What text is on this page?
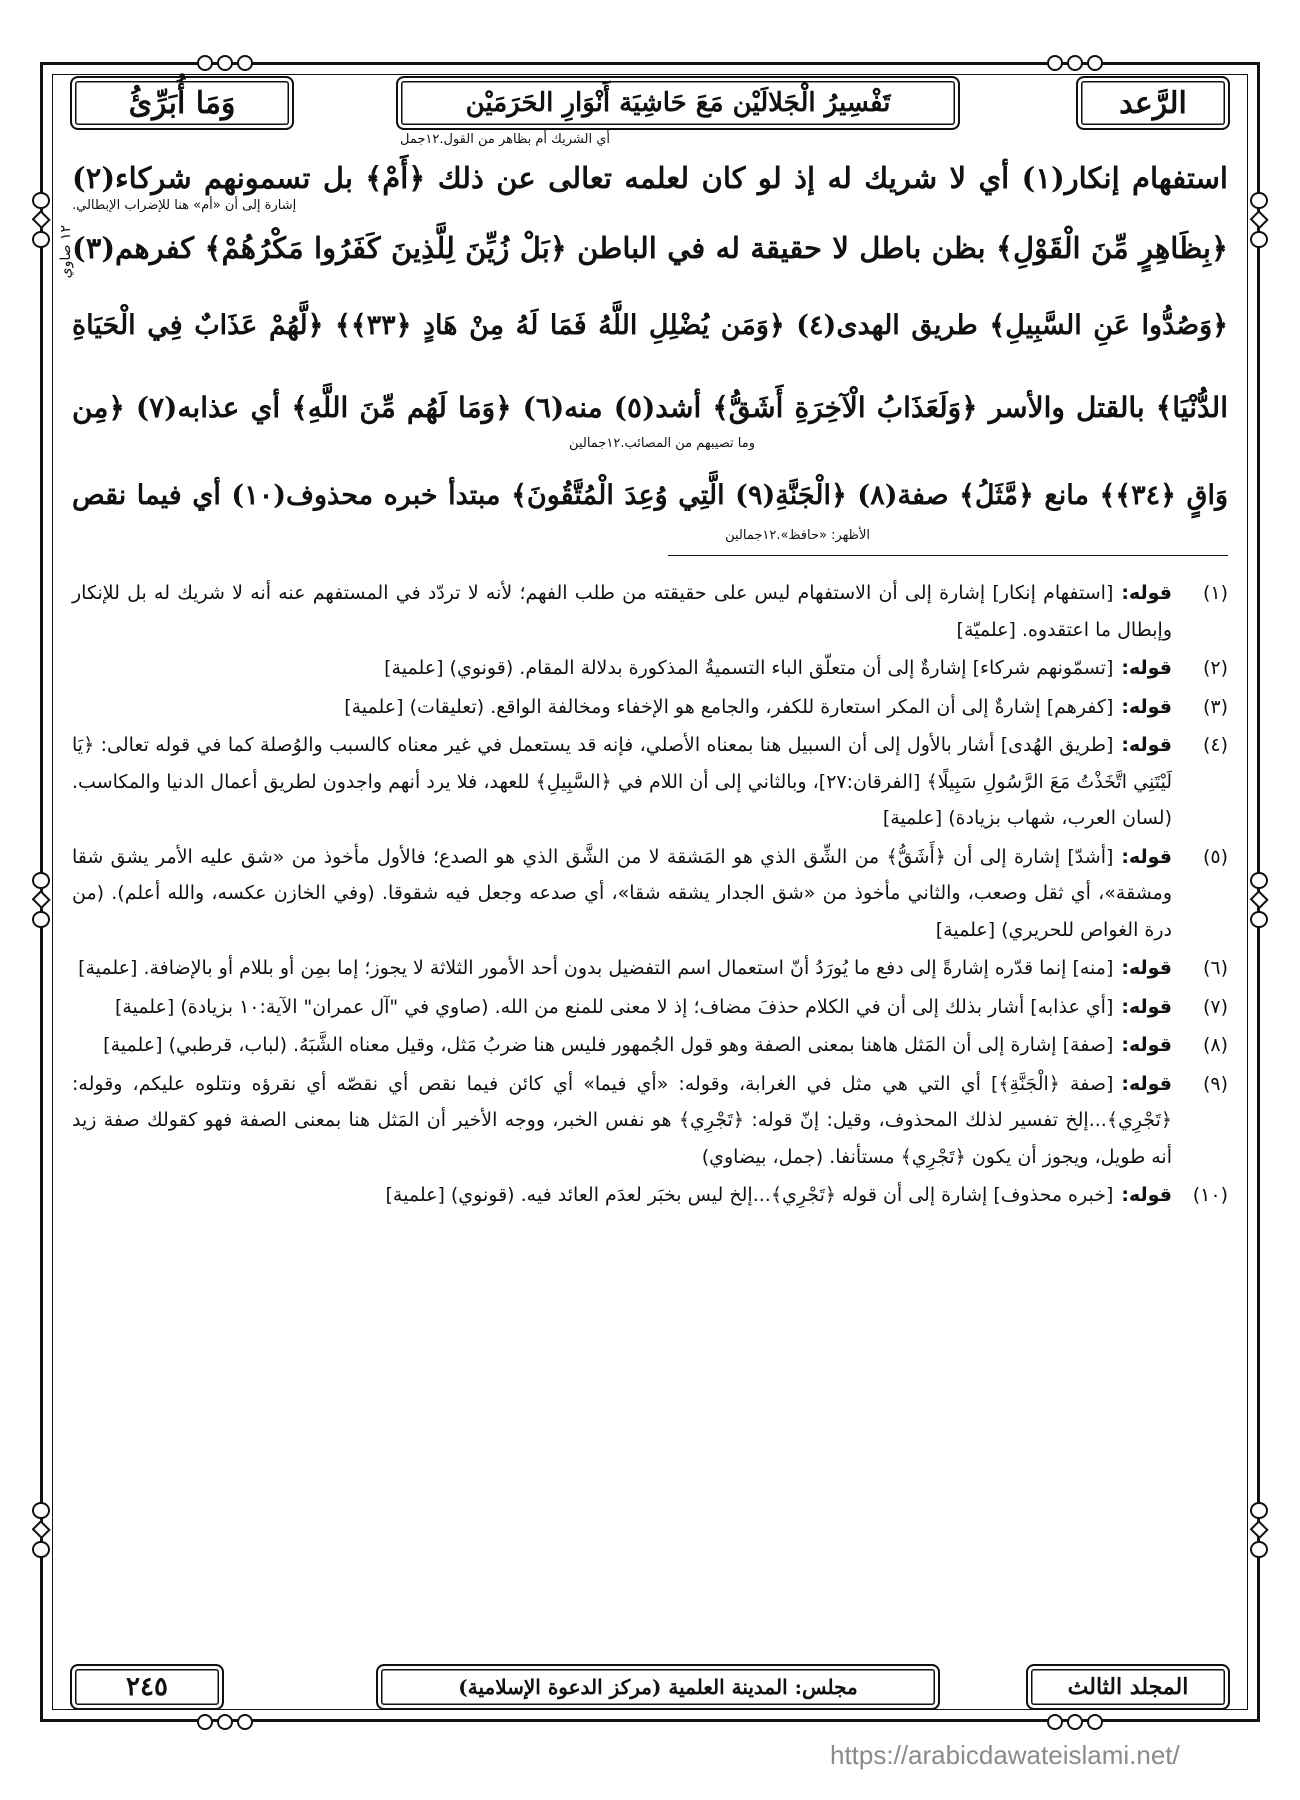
الرَّعد
تَفْسِيرُ الْجَلالَيْن مَعَ حَاشِيَة أَنْوَارِ الحَرَمَيْن
وَمَا أُبَرِّئُ
أي الشريك أم بظاهر من القول.١٢جمل
إشارة إلى أن «أم» هنا للإضراب الإبطالي.
١٢ صاوي
استفهام إنكار(١) أي لا شريك له إذ لو كان لعلمه تعالى عن ذلك ﴿أَمْ﴾ بل تسمونهم شركاء(٢)
﴿بِظَاهِرٍ مِّنَ الْقَوْلِ﴾ بظن باطل لا حقيقة له في الباطن ﴿بَلْ زُيِّنَ لِلَّذِينَ كَفَرُوا مَكْرُهُمْ﴾ كفرهم(٣)
﴿وَصُدُّوا عَنِ السَّبِيلِ﴾ طريق الهدى(٤) ﴿وَمَن يُضْلِلِ اللَّهُ فَمَا لَهُ مِنْ هَادٍ ﴿٣٣﴾﴾ ﴿لَّهُمْ عَذَابٌ فِي الْحَيَاةِ
الدُّنْيَا﴾ بالقتل والأسر ﴿وَلَعَذَابُ الْآخِرَةِ أَشَقُّ﴾ أشد(٥) منه(٦) ﴿وَمَا لَهُم مِّنَ اللَّهِ﴾ أي عذابه(٧) ﴿مِن
وَاقٍ ﴿٣٤﴾﴾ مانع ﴿مَّثَلُ﴾ صفة(٨) ﴿الْجَنَّةِ(٩) الَّتِي وُعِدَ الْمُتَّقُونَ﴾ مبتدأ خبره محذوف(١٠) أي فيما نقص
وما تصيبهم من المصائب.١٢جمالين
الأظهر: «حافظ».١٢جمالين
(١)
قوله:[استفهام إنكار] إشارة إلى أن الاستفهام ليس على حقيقته من طلب الفهم؛ لأنه لا تردّد في المستفهم عنه أنه لا شريك له بل للإنكار وإبطال ما اعتقدوه. [علميّة]
(٢)
قوله:[تسمّونهم شركاء] إشارةٌ إلى أن متعلّق الباء التسميةُ المذكورة بدلالة المقام. (قونوي) [علمية]
(٣)
قوله:[كفرهم] إشارةٌ إلى أن المكر استعارة للكفر، والجامع هو الإخفاء ومخالفة الواقع. (تعليقات) [علمية]
(٤)
قوله:[طريق الهُدى] أشار بالأول إلى أن السبيل هنا بمعناه الأصلي، فإنه قد يستعمل في غير معناه كالسبب والوُصلة كما في قوله تعالى: ﴿يَا لَيْتَنِي اتَّخَذْتُ مَعَ الرَّسُولِ سَبِيلًا﴾ [الفرقان:٢٧]، وبالثاني إلى أن اللام في ﴿السَّبِيلِ﴾ للعهد، فلا يرد أنهم واجدون لطريق أعمال الدنيا والمكاسب. (لسان العرب، شهاب بزيادة) [علمية]
(٥)
قوله:[أشدّ] إشارة إلى أن ﴿أَشَقُّ﴾ من الشِّق الذي هو المَشقة لا من الشَّق الذي هو الصدع؛ فالأول مأخوذ من «شق عليه الأمر يشق شقا ومشقة»، أي ثقل وصعب، والثاني مأخوذ من «شق الجدار يشقه شقا»، أي صدعه وجعل فيه شقوقا. (وفي الخازن عكسه، والله أعلم). (من درة الغواص للحريري) [علمية]
(٦)
قوله:[منه] إنما قدّره إشارةً إلى دفع ما يُورَدُ أنّ استعمال اسم التفضيل بدون أحد الأمور الثلاثة لا يجوز؛ إما بمِن أو بللام أو بالإضافة. [علمية]
(٧)
قوله:[أي عذابه] أشار بذلك إلى أن في الكلام حذفَ مضاف؛ إذ لا معنى للمنع من الله. (صاوي في "آل عمران" الآية:١٠ بزيادة) [علمية]
(٨)
قوله:[صفة] إشارة إلى أن المَثل هاهنا بمعنى الصفة وهو قول الجُمهور فليس هنا ضربُ مَثل، وقيل معناه الشَّبَهُ. (لباب، قرطبي) [علمية]
(٩)
قوله:[صفة ﴿الْجَنَّةِ﴾] أي التي هي مثل في الغرابة، وقوله: «أي فيما» أي كائن فيما نقص أي نقصّه أي نقرؤه ونتلوه عليكم، وقوله: ﴿تَجْرِي﴾...إلخ تفسير لذلك المحذوف، وقيل: إنّ قوله: ﴿تَجْرِي﴾ هو نفس الخبر، ووجه الأخير أن المَثل هنا بمعنى الصفة فهو كقولك صفة زيد أنه طويل، ويجوز أن يكون ﴿تَجْرِي﴾ مستأنفا. (جمل، بيضاوي)
(١٠)
قوله:[خبره محذوف] إشارة إلى أن قوله ﴿تَجْرِي﴾...إلخ ليس بخبَر لعدَم العائد فيه. (قونوي) [علمية]
المجلد الثالث
مجلس: المدينة العلمية (مركز الدعوة الإسلامية)
٢٤٥
https://arabicdawateislami.net/
